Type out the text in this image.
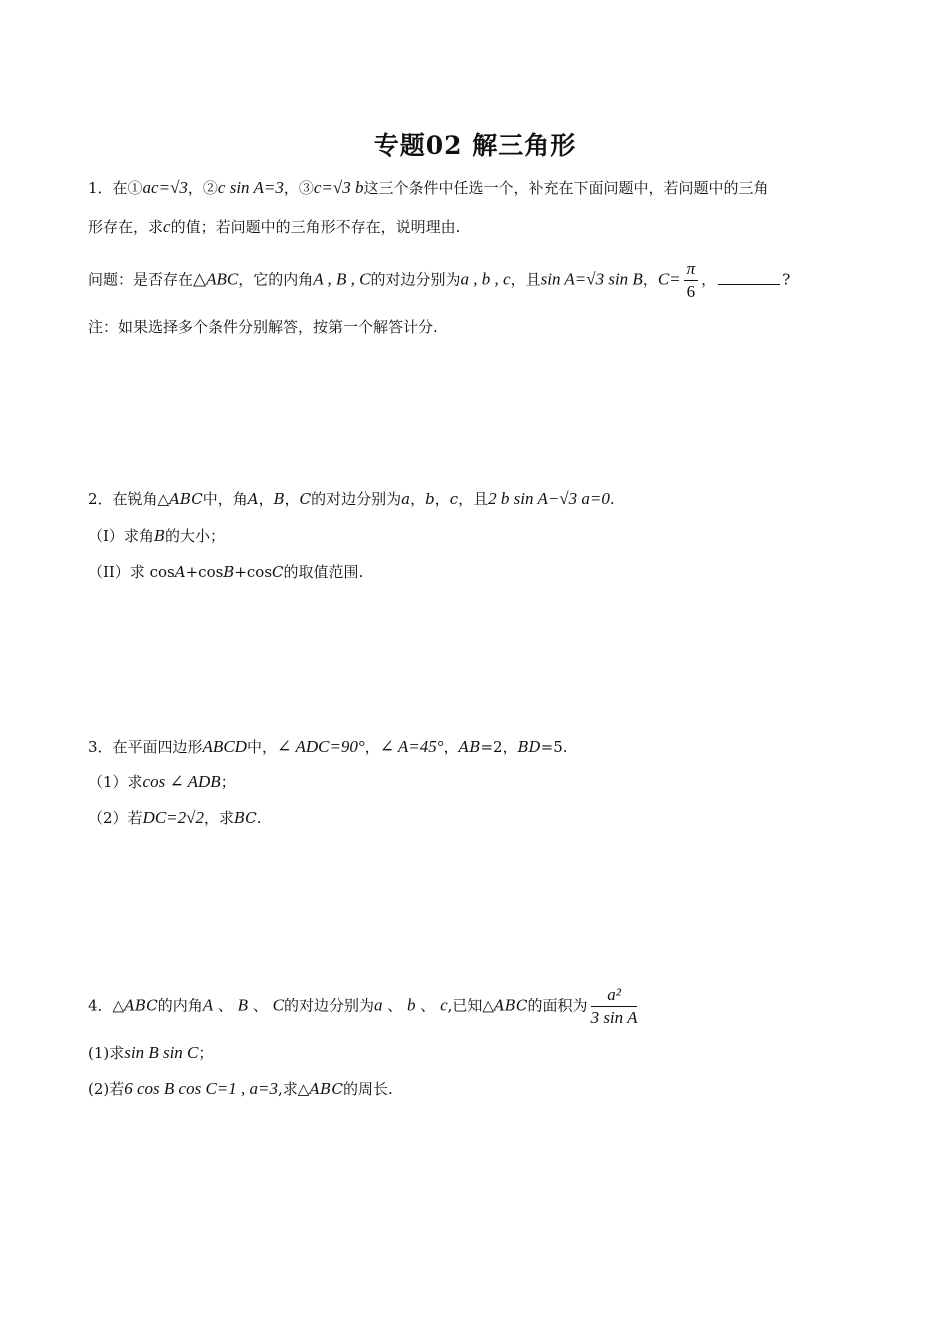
专题02 解三角形
1．在①ac=√3，②c sin A=3，③c=√3 b这三个条件中任选一个，补充在下面问题中，若问题中的三角
形存在，求c的值；若问题中的三角形不存在，说明理由.
问题：是否存在△ABC，它的内角A , B , C的对边分别为a , b , c，且sin A=√3 sin B，$C= \frac{\pi}{6}$ ，	?
注：如果选择多个条件分别解答，按第一个解答计分.
2．在锐角△ABC中，角A，B，C的对边分别为a，b，c，且2 b sin A−√3 a=0.
（I）求角B的大小；
（II）求 cosA+cosB+cosC的取值范围.
3．在平面四边形ABCD中，∠ ADC=90°，∠ A=45°，AB=2，BD=5.
（1）求cos ∠ ADB；
（2）若DC=2√2，求BC.
4．△ABC的内角A 、 B 、 C的对边分别为a 、 b 、 c,已知△ABC的面积为 $\frac{\text{a²}}{\text{3 sin A}}$
(1)求sin B sin C；
(2)若6 cos B cos C=1 , a=3,求△ABC的周长.
